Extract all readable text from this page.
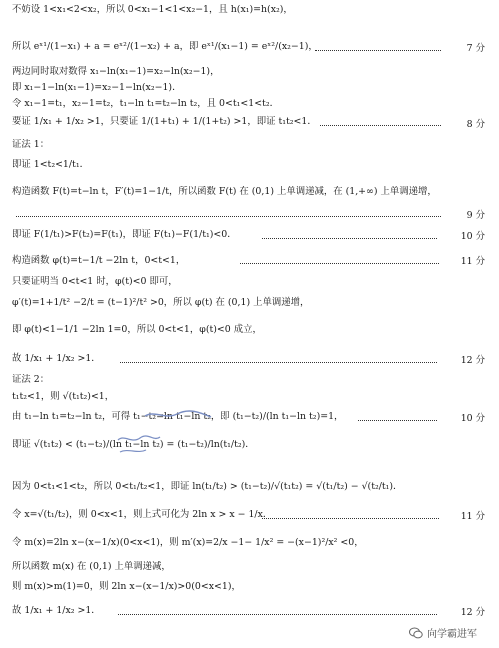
不妨设 1<x₁<2<x₂，所以 0<x₁−1<1<x₂−1，且 h(x₁)=h(x₂)，
所以 eˣ¹/(1−x₁) + a = eˣ²/(1−x₂) + a，即 eˣ¹/(x₁−1) = eˣ²/(x₂−1)，	7 分
两边同时取对数得 x₁−ln(x₁−1)=x₂−ln(x₂−1)，
即 x₁−1−ln(x₁−1)=x₂−1−ln(x₂−1)．
令 x₁−1=t₁，x₂−1=t₂，t₁−ln t₁=t₂−ln t₂，且 0<t₁<1<t₂．
要证 1/x₁ + 1/x₂ >1，只要证 1/(1+t₁) + 1/(1+t₂) >1，即证 t₁t₂<1．	8 分
证法 1：
即证 1<t₂<1/t₁．
构造函数 F(t)=t−ln t，F′(t)=1−1/t，所以函数 F(t) 在 (0,1) 上单调递减，在 (1,+∞) 上单调递增，
9 分
即证 F(1/t₁)>F(t₂)=F(t₁)，即证 F(t₁)−F(1/t₁)<0．	10 分
构造函数 φ(t)=t−1/t −2ln t，0<t<1，	11 分
只要证明当 0<t<1 时，φ(t)<0 即可，
φ′(t)=1+1/t² −2/t = (t−1)²/t² >0，所以 φ(t) 在 (0,1) 上单调递增，
即 φ(t)<1−1/1 −2ln 1=0，所以 0<t<1，φ(t)<0 成立，
故 1/x₁ + 1/x₂ >1．	12 分
证法 2：
t₁t₂<1，则 √(t₁t₂)<1，
由 t₁−ln t₁=t₂−ln t₂，可得 t₁−t₂=ln t₁−ln t₂，即 (t₁−t₂)/(ln t₁−ln t₂)=1，	10 分
即证 √(t₁t₂) < (t₁−t₂)/(ln t₁−ln t₂) = (t₁−t₂)/ln(t₁/t₂)．
因为 0<t₁<1<t₂，所以 0<t₁/t₂<1，即证 ln(t₁/t₂) > (t₁−t₂)/√(t₁t₂) = √(t₁/t₂) − √(t₂/t₁)．
令 x=√(t₁/t₂)，则 0<x<1，则上式可化为 2ln x > x − 1/x．	11 分
令 m(x)=2ln x−(x−1/x)(0<x<1)，则 m′(x)=2/x −1− 1/x² = −(x−1)²/x² <0，
所以函数 m(x) 在 (0,1) 上单调递减，
则 m(x)>m(1)=0，则 2ln x−(x−1/x)>0(0<x<1)，
故 1/x₁ + 1/x₂ >1．	12 分
向学霸进军
